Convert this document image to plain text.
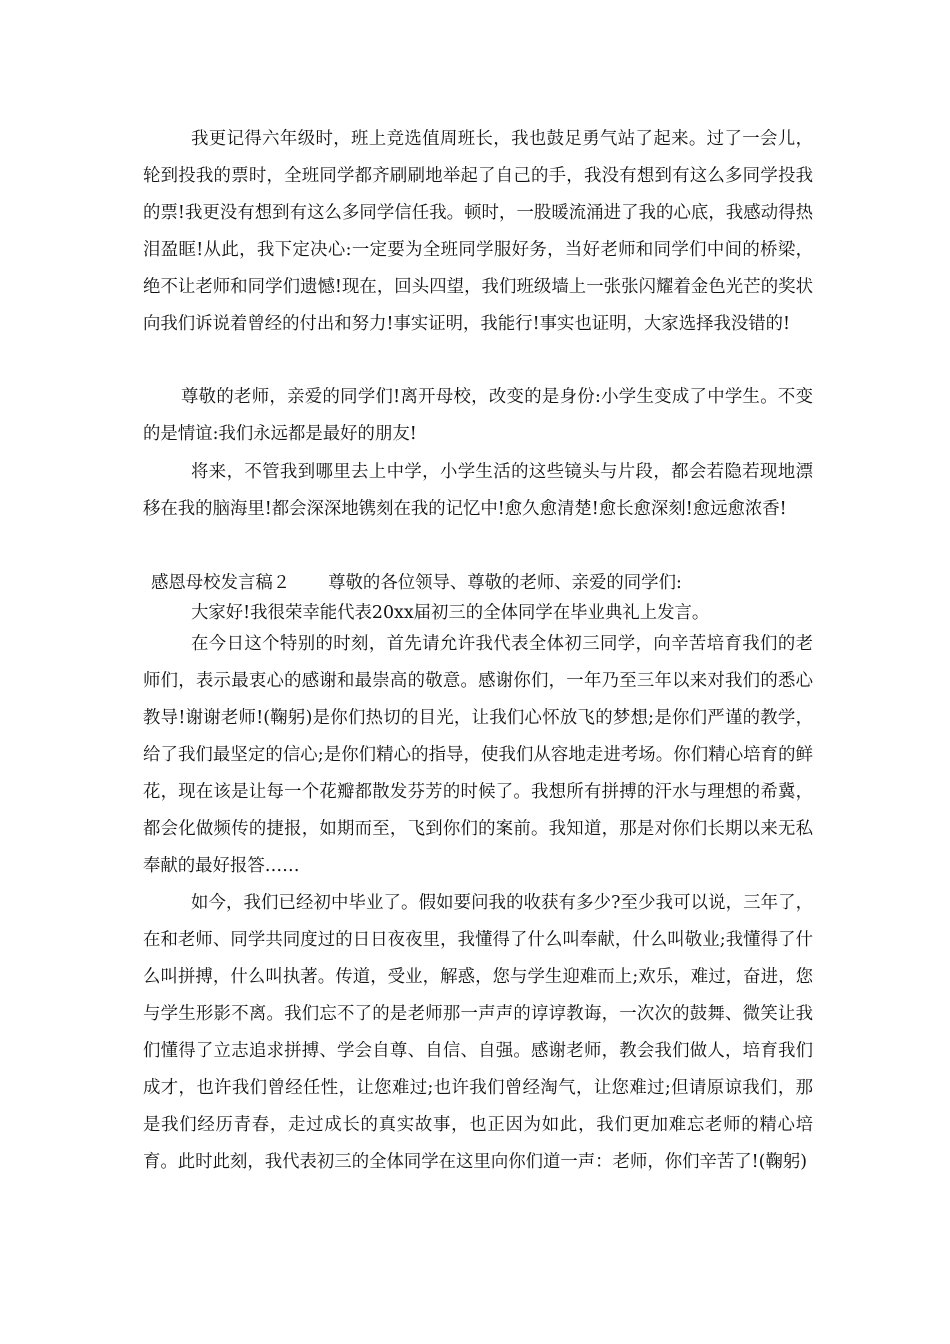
我更记得六年级时，班上竞选值周班长，我也鼓足勇气站了起来。过了一会儿，轮到投我的票时，全班同学都齐刷刷地举起了自己的手，我没有想到有这么多同学投我的票!我更没有想到有这么多同学信任我。顿时，一股暖流涌进了我的心底，我感动得热泪盈眶!从此，我下定决心:一定要为全班同学服好务，当好老师和同学们中间的桥梁，绝不让老师和同学们遗憾!现在，回头四望，我们班级墙上一张张闪耀着金色光芒的奖状向我们诉说着曾经的付出和努力!事实证明，我能行!事实也证明，大家选择我没错的!

尊敬的老师，亲爱的同学们!离开母校，改变的是身份:小学生变成了中学生。不变的是情谊:我们永远都是最好的朋友!

将来，不管我到哪里去上中学，小学生活的这些镜头与片段，都会若隐若现地漂移在我的脑海里!都会深深地镌刻在我的记忆中!愈久愈清楚!愈长愈深刻!愈远愈浓香!

感恩母校发言稿２ 尊敬的各位领导、尊敬的老师、亲爱的同学们:

大家好!我很荣幸能代表20xx届初三的全体同学在毕业典礼上发言。

在今日这个特别的时刻，首先请允许我代表全体初三同学，向辛苦培育我们的老师们，表示最衷心的感谢和最崇高的敬意。感谢你们，一年乃至三年以来对我们的悉心教导!谢谢老师!(鞠躬)是你们热切的目光，让我们心怀放飞的梦想;是你们严谨的教学，给了我们最坚定的信心;是你们精心的指导，使我们从容地走进考场。你们精心培育的鲜花，现在该是让每一个花瓣都散发芬芳的时候了。我想所有拼搏的汗水与理想的希冀，都会化做频传的捷报，如期而至，飞到你们的案前。我知道，那是对你们长期以来无私奉献的最好报答……

如今，我们已经初中毕业了。假如要问我的收获有多少?至少我可以说，三年了，在和老师、同学共同度过的日日夜夜里，我懂得了什么叫奉献，什么叫敬业;我懂得了什么叫拼搏，什么叫执著。传道，受业，解惑，您与学生迎难而上;欢乐，难过，奋进，您与学生形影不离。我们忘不了的是老师那一声声的谆谆教诲，一次次的鼓舞、微笑让我们懂得了立志追求拼搏、学会自尊、自信、自强。感谢老师，教会我们做人，培育我们成才，也许我们曾经任性，让您难过;也许我们曾经淘气，让您难过;但请原谅我们，那是我们经历青春，走过成长的真实故事，也正因为如此，我们更加难忘老师的精心培育。此时此刻，我代表初三的全体同学在这里向你们道一声：老师，你们辛苦了!(鞠躬)
